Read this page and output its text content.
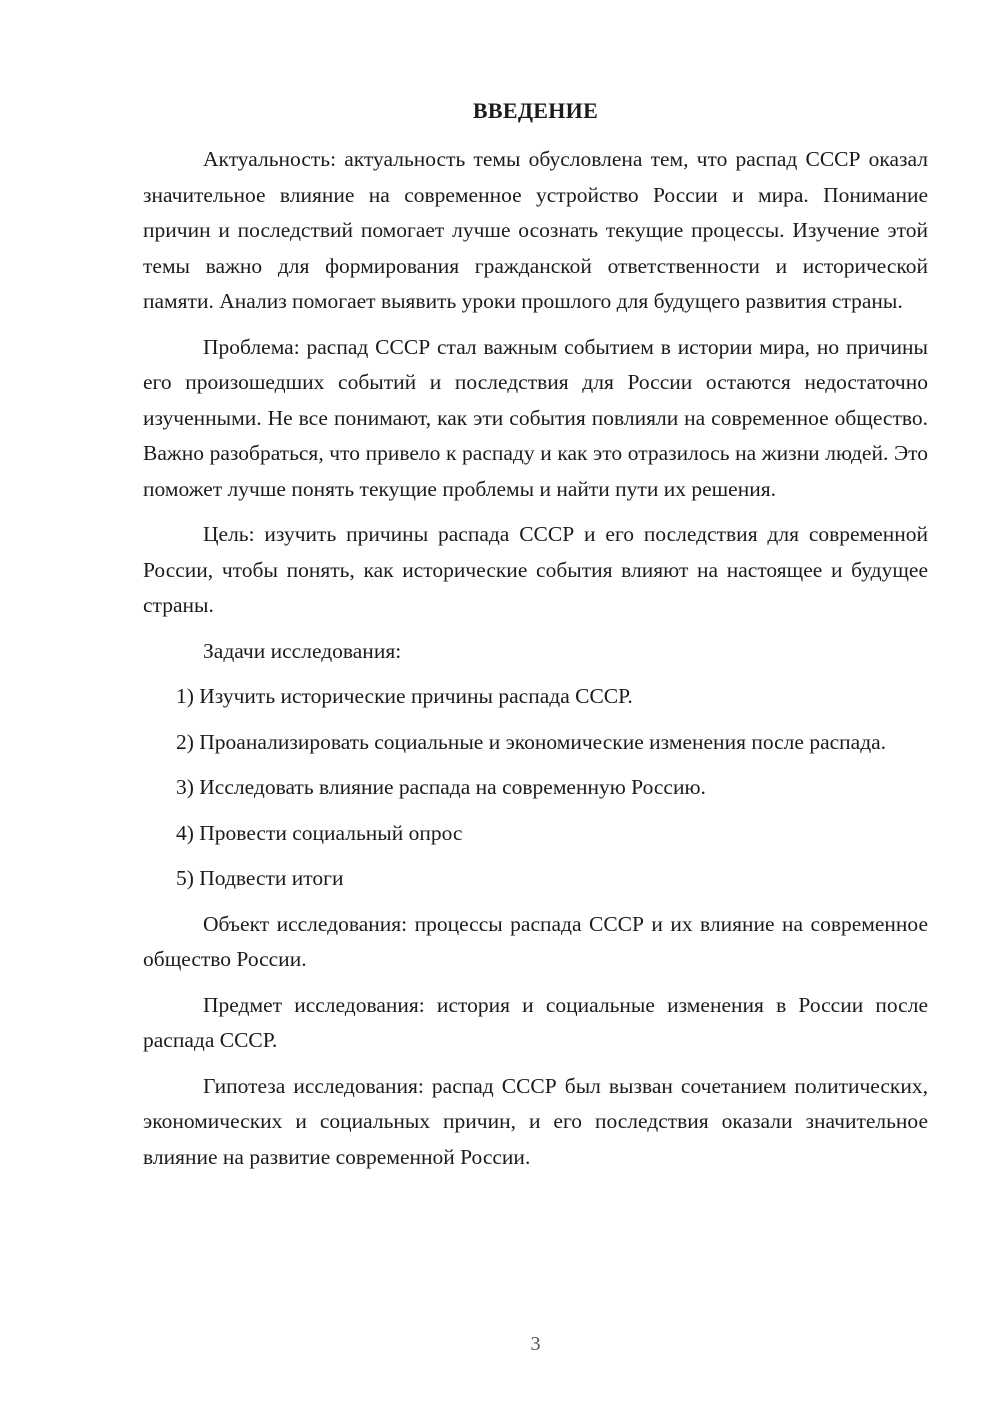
ВВЕДЕНИЕ

Актуальность: актуальность темы обусловлена тем, что распад СССР оказал значительное влияние на современное устройство России и мира. Понимание причин и последствий помогает лучше осознать текущие процессы. Изучение этой темы важно для формирования гражданской ответственности и исторической памяти. Анализ помогает выявить уроки прошлого для будущего развития страны.

Проблема: распад СССР стал важным событием в истории мира, но причины его произошедших событий и последствия для России остаются недостаточно изученными. Не все понимают, как эти события повлияли на современное общество. Важно разобраться, что привело к распаду и как это отразилось на жизни людей. Это поможет лучше понять текущие проблемы и найти пути их решения.

Цель: изучить причины распада СССР и его последствия для современной России, чтобы понять, как исторические события влияют на настоящее и будущее страны.

Задачи исследования:

1) Изучить исторические причины распада СССР.

2) Проанализировать социальные и экономические изменения после распада.

3) Исследовать влияние распада на современную Россию.

4) Провести социальный опрос

5) Подвести итоги

Объект исследования: процессы распада СССР и их влияние на современное общество России.

Предмет исследования: история и социальные изменения в России после распада СССР.

Гипотеза исследования: распад СССР был вызван сочетанием политических, экономических и социальных причин, и его последствия оказали значительное влияние на развитие современной России.

3
